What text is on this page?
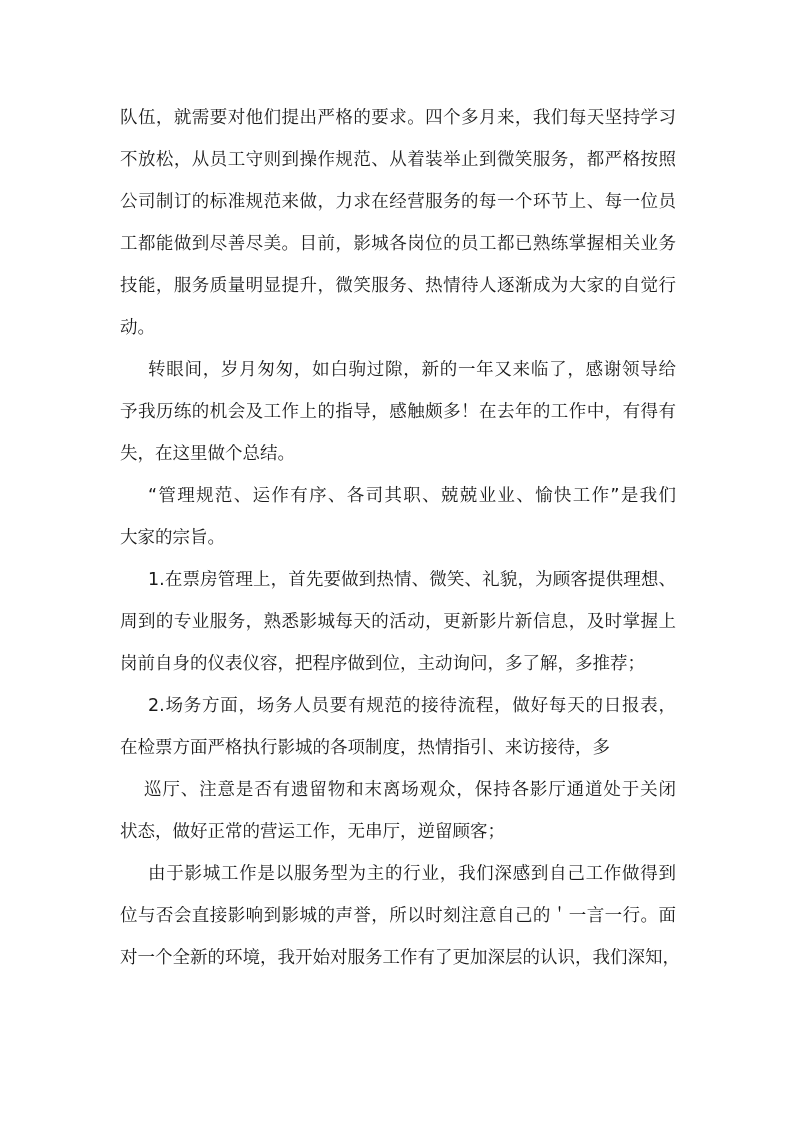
队伍，就需要对他们提出严格的要求。四个多月来，我们每天坚持学习
不放松，从员工守则到操作规范、从着装举止到微笑服务，都严格按照
公司制订的标准规范来做，力求在经营服务的每一个环节上、每一位员
工都能做到尽善尽美。目前，影城各岗位的员工都已熟练掌握相关业务
技能，服务质量明显提升，微笑服务、热情待人逐渐成为大家的自觉行
动。
转眼间，岁月匆匆，如白驹过隙，新的一年又来临了，感谢领导给
予我历练的机会及工作上的指导，感触颇多！在去年的工作中，有得有
失，在这里做个总结。
“管理规范、运作有序、各司其职、兢兢业业、愉快工作”是我们
大家的宗旨。
1.在票房管理上，首先要做到热情、微笑、礼貌，为顾客提供理想、
周到的专业服务，熟悉影城每天的活动，更新影片新信息，及时掌握上
岗前自身的仪表仪容，把程序做到位，主动询问，多了解，多推荐；
2.场务方面，场务人员要有规范的接待流程，做好每天的日报表，
在检票方面严格执行影城的各项制度，热情指引、来访接待，多
巡厅、注意是否有遗留物和末离场观众，保持各影厅通道处于关闭
状态，做好正常的营运工作，无串厅，逆留顾客；
由于影城工作是以服务型为主的行业，我们深感到自己工作做得到
位与否会直接影响到影城的声誉，所以时刻注意自己的＇一言一行。面
对一个全新的环境，我开始对服务工作有了更加深层的认识，我们深知，
